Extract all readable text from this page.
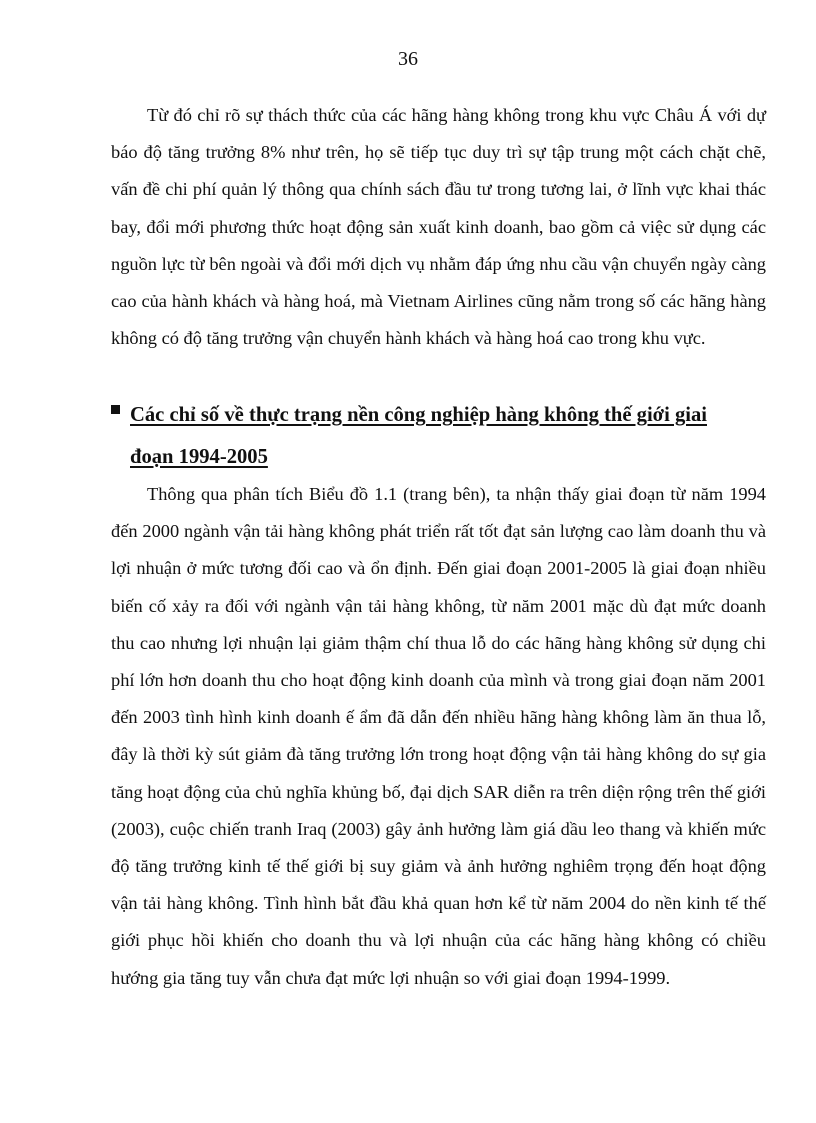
36

Từ đó chỉ rõ sự thách thức của các hãng hàng không trong khu vực Châu Á với dự báo độ tăng trưởng 8% như trên, họ sẽ tiếp tục duy trì sự tập trung một cách chặt chẽ, vấn đề chi phí quản lý thông qua chính sách đầu tư trong tương lai, ở lĩnh vực khai thác bay, đổi mới phương thức hoạt động sản xuất kinh doanh, bao gồm cả việc sử dụng các nguồn lực từ bên ngoài và đổi mới dịch vụ nhằm đáp ứng nhu cầu vận chuyển ngày càng cao của hành khách và hàng hoá, mà Vietnam Airlines cũng nằm trong số các hãng hàng không có độ tăng trưởng vận chuyển hành khách và hàng hoá cao trong khu vực.

Các chỉ số về thực trạng nền công nghiệp hàng không thế giới giai
đoạn 1994-2005

Thông qua phân tích Biểu đồ 1.1 (trang bên), ta nhận thấy giai đoạn từ năm 1994 đến 2000 ngành vận tải hàng không phát triển rất tốt đạt sản lượng cao làm doanh thu và lợi nhuận ở mức tương đối cao và ổn định. Đến giai đoạn 2001-2005 là giai đoạn nhiều biến cố xảy ra đối với ngành vận tải hàng không, từ năm 2001 mặc dù đạt mức doanh thu cao nhưng lợi nhuận lại giảm thậm chí thua lỗ do các hãng hàng không sử dụng chi phí lớn hơn doanh thu cho hoạt động kinh doanh của mình và trong giai đoạn năm 2001 đến 2003 tình hình kinh doanh ế ẩm đã dẫn đến nhiều hãng hàng không làm ăn thua lỗ, đây là thời kỳ sút giảm đà tăng trưởng lớn trong hoạt động vận tải hàng không do sự gia tăng hoạt động của chủ nghĩa khủng bố, đại dịch SAR diễn ra trên diện rộng trên thế giới (2003), cuộc chiến tranh Iraq (2003) gây ảnh hưởng làm giá dầu leo thang và khiến mức độ tăng trưởng kinh tế thế giới bị suy giảm và ảnh hưởng nghiêm trọng đến hoạt động vận tải hàng không. Tình hình bắt đầu khả quan hơn kể từ năm 2004 do nền kinh tế thế giới phục hồi khiến cho doanh thu và lợi nhuận của các hãng hàng không có chiều hướng gia tăng tuy vẫn chưa đạt mức lợi nhuận so với giai đoạn 1994-1999.
